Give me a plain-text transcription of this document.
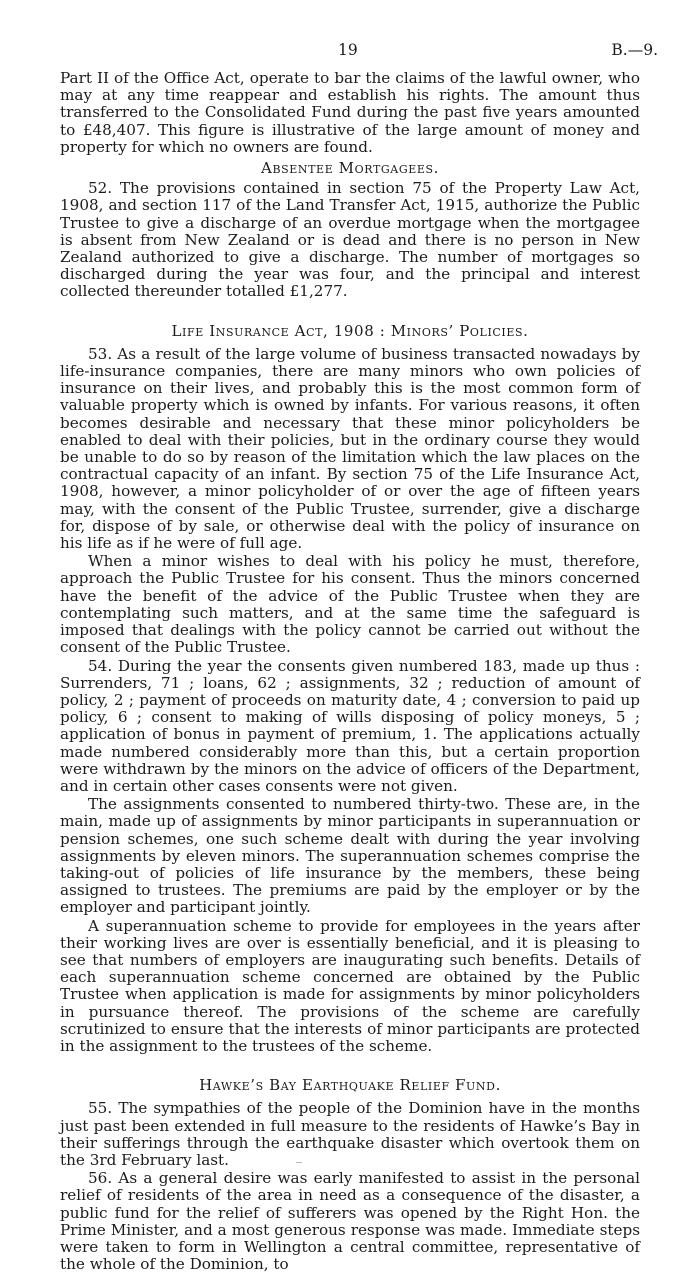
19	B.—9.

Part II of the Office Act, operate to bar the claims of the lawful owner, who may at any time reappear and establish his rights. The amount thus transferred to the Consolidated Fund during the past five years amounted to £48,407. This figure is illustrative of the large amount of money and property for which no owners are found.

Absentee Mortgagees.

52. The provisions contained in section 75 of the Property Law Act, 1908, and section 117 of the Land Transfer Act, 1915, authorize the Public Trustee to give a discharge of an overdue mortgage when the mortgagee is absent from New Zealand or is dead and there is no person in New Zealand authorized to give a discharge. The number of mortgages so discharged during the year was four, and the principal and interest collected thereunder totalled £1,277.

Life Insurance Act, 1908 : Minors’ Policies.

53. As a result of the large volume of business transacted nowadays by life-insurance companies, there are many minors who own policies of insurance on their lives, and probably this is the most common form of valuable property which is owned by infants. For various reasons, it often becomes desirable and necessary that these minor policyholders be enabled to deal with their policies, but in the ordinary course they would be unable to do so by reason of the limitation which the law places on the contractual capacity of an infant. By section 75 of the Life Insurance Act, 1908, however, a minor policyholder of or over the age of fifteen years may, with the consent of the Public Trustee, surrender, give a discharge for, dispose of by sale, or otherwise deal with the policy of insurance on his life as if he were of full age.

When a minor wishes to deal with his policy he must, therefore, approach the Public Trustee for his consent. Thus the minors concerned have the benefit of the advice of the Public Trustee when they are contemplating such matters, and at the same time the safeguard is imposed that dealings with the policy cannot be carried out without the consent of the Public Trustee.

54. During the year the consents given numbered 183, made up thus : Surrenders, 71 ; loans, 62 ; assignments, 32 ; reduction of amount of policy, 2 ; payment of proceeds on maturity date, 4 ; conversion to paid up policy, 6 ; consent to making of wills disposing of policy moneys, 5 ; application of bonus in payment of premium, 1. The applications actually made numbered considerably more than this, but a certain proportion were withdrawn by the minors on the advice of officers of the Department, and in certain other cases consents were not given.

The assignments consented to numbered thirty-two. These are, in the main, made up of assignments by minor participants in superannuation or pension schemes, one such scheme dealt with during the year involving assignments by eleven minors. The superannuation schemes comprise the taking-out of policies of life insurance by the members, these being assigned to trustees. The premiums are paid by the employer or by the employer and participant jointly.

A superannuation scheme to provide for employees in the years after their working lives are over is essentially beneficial, and it is pleasing to see that numbers of employers are inaugurating such benefits. Details of each superannuation scheme concerned are obtained by the Public Trustee when application is made for assignments by minor policyholders in pursuance thereof. The provisions of the scheme are carefully scrutinized to ensure that the interests of minor participants are protected in the assignment to the trustees of the scheme.

Hawke’s Bay Earthquake Relief Fund.

55. The sympathies of the people of the Dominion have in the months just past been extended in full measure to the residents of Hawke’s Bay in their sufferings through the earthquake disaster which overtook them on the 3rd February last.

56. As a general desire was early manifested to assist in the personal relief of residents of the area in need as a consequence of the disaster, a public fund for the relief of sufferers was opened by the Right Hon. the Prime Minister, and a most generous response was made. Immediate steps were taken to form in Wellington a central committee, representative of the whole of the Dominion, to
